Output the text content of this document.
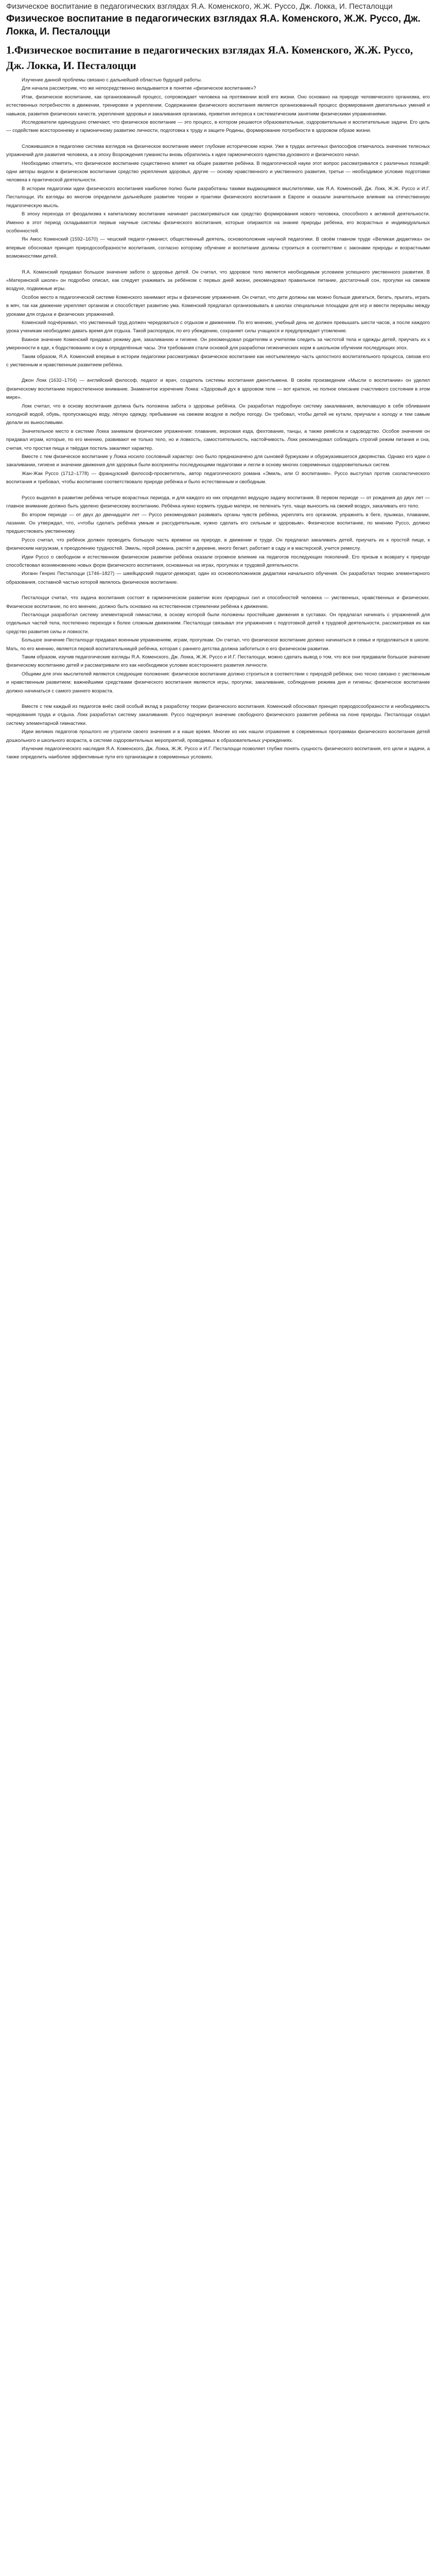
Физическое воспитание в педагогических взглядах Я.А. Коменского, Ж.Ж. Руссо, Дж. Локка, И. Песталоцци
Физическое воспитание в педагогических взглядах Я.А. Коменского, Ж.Ж. Руссо, Дж. Локка, И. Песталоцци
1.Физическое воспитание в педагогических взглядах Я.А. Коменского, Ж.Ж. Руссо, Дж. Локка, И. Песталоцци

Изучение данной проблемы связано с дальнейшей областью будущей работы.

Для начала рассмотрим, что же непосредственно вкладывается в понятие «физическое воспитание»?

Итак, физическое воспитание, как организованный процесс, сопровождает человека на протяжении всей его жизни. Оно основано на природе человеческого организма, его естественных потребностях в движении, тренировке и укреплении. Содержанием физического воспитания является организованный процесс формирования двигательных умений и навыков, развития физических качеств, укрепления здоровья и закаливания организма, привития интереса к систематическим занятиям физическими упражнениями.

Исследователи единодушно отмечают, что физическое воспитание — это процесс, в котором решаются образовательные, оздоровительные и воспитательные задачи. Его цель — содействие всестороннему и гармоничному развитию личности, подготовка к труду и защите Родины, формирование потребности в здоровом образе жизни.

Сложившаяся в педагогике система взглядов на физическое воспитание имеет глубокие исторические корни. Уже в трудах античных философов отмечалось значение телесных упражнений для развития человека, а в эпоху Возрождения гуманисты вновь обратились к идее гармонического единства духовного и физического начал.

Необходимо отметить, что физическое воспитание существенно влияет на общее развитие ребёнка. В педагогической науке этот вопрос рассматривался с различных позиций: одни авторы видели в физическом воспитании средство укрепления здоровья, другие — основу нравственного и умственного развития, третьи — необходимое условие подготовки человека к практической деятельности.

В истории педагогики идеи физического воспитания наиболее полно были разработаны такими выдающимися мыслителями, как Я.А. Коменский, Дж. Локк, Ж.Ж. Руссо и И.Г. Песталоцци. Их взгляды во многом определили дальнейшее развитие теории и практики физического воспитания в Европе и оказали значительное влияние на отечественную педагогическую мысль.

В эпоху перехода от феодализма к капитализму воспитание начинает рассматриваться как средство формирования нового человека, способного к активной деятельности. Именно в этот период складываются первые научные системы физического воспитания, которые опираются на знание природы ребёнка, его возрастных и индивидуальных особенностей.

Ян Амос Коменский (1592–1670) — чешский педагог-гуманист, общественный деятель, основоположник научной педагогики. В своём главном труде «Великая дидактика» он впервые обосновал принцип природосообразности воспитания, согласно которому обучение и воспитание должны строиться в соответствии с законами природы и возрастными возможностями детей.

Я.А. Коменский придавал большое значение заботе о здоровье детей. Он считал, что здоровое тело является необходимым условием успешного умственного развития. В «Материнской школе» он подробно описал, как следует ухаживать за ребёнком с первых дней жизни, рекомендовал правильное питание, достаточный сон, прогулки на свежем воздухе, подвижные игры.

Особое место в педагогической системе Коменского занимают игры и физические упражнения. Он считал, что дети должны как можно больше двигаться, бегать, прыгать, играть в мяч, так как движение укрепляет организм и способствует развитию ума. Коменский предлагал организовывать в школах специальные площадки для игр и ввести перерывы между уроками для отдыха и физических упражнений.

Коменский подчёркивал, что умственный труд должен чередоваться с отдыхом и движением. По его мнению, учебный день не должен превышать шести часов, а после каждого урока ученикам необходимо давать время для отдыха. Такой распорядок, по его убеждению, сохраняет силы учащихся и предупреждает утомление.

Важное значение Коменский придавал режиму дня, закаливанию и гигиене. Он рекомендовал родителям и учителям следить за чистотой тела и одежды детей, приучать их к умеренности в еде, к бодрствованию и сну в определённые часы. Эти требования стали основой для разработки гигиенических норм в школьном обучении последующих эпох.

Таким образом, Я.А. Коменский впервые в истории педагогики рассматривал физическое воспитание как неотъемлемую часть целостного воспитательного процесса, связав его с умственным и нравственным развитием ребёнка.

Джон Локк (1632–1704) — английский философ, педагог и врач, создатель системы воспитания джентльмена. В своём произведении «Мысли о воспитании» он уделил физическому воспитанию первостепенное внимание. Знаменитое изречение Локка: «Здоровый дух в здоровом теле — вот краткое, но полное описание счастливого состояния в этом мире».

Локк считал, что в основу воспитания должна быть положена забота о здоровье ребёнка. Он разработал подробную систему закаливания, включавшую в себя обливания холодной водой, обувь, пропускающую воду, лёгкую одежду, пребывание на свежем воздухе в любую погоду. Он требовал, чтобы детей не кутали, приучали к холоду и тем самым делали их выносливыми.

Значительное место в системе Локка занимали физические упражнения: плавание, верховая езда, фехтование, танцы, а также ремёсла и садоводство. Особое значение он придавал играм, которые, по его мнению, развивают не только тело, но и ловкость, самостоятельность, настойчивость. Локк рекомендовал соблюдать строгий режим питания и сна, считая, что простая пища и твёрдая постель закаляют характер.

Вместе с тем физическое воспитание у Локка носило сословный характер: оно было предназначено для сыновей буржуазии и обуржуазившегося дворянства. Однако его идеи о закаливании, гигиене и значении движения для здоровья были восприняты последующими педагогами и легли в основу многих современных оздоровительных систем.

Жан-Жак Руссо (1712–1778) — французский философ-просветитель, автор педагогического романа «Эмиль, или О воспитании». Руссо выступал против схоластического воспитания и требовал, чтобы воспитание соответствовало природе ребёнка и было естественным и свободным.

Руссо выделял в развитии ребёнка четыре возрастных периода, и для каждого из них определял ведущую задачу воспитания. В первом периоде — от рождения до двух лет — главное внимание должно быть уделено физическому воспитанию. Ребёнка нужно кормить грудью матери, не пеленать туго, чаще выносить на свежий воздух, закаливать его тело.

Во втором периоде — от двух до двенадцати лет — Руссо рекомендовал развивать органы чувств ребёнка, укреплять его организм, упражнять в беге, прыжках, плавании, лазании. Он утверждал, что, «чтобы сделать ребёнка умным и рассудительным, нужно сделать его сильным и здоровым». Физическое воспитание, по мнению Руссо, должно предшествовать умственному.

Руссо считал, что ребёнок должен проводить большую часть времени на природе, в движении и труде. Он предлагал закаливать детей, приучать их к простой пище, к физическим нагрузкам, к преодолению трудностей. Эмиль, герой романа, растёт в деревне, много бегает, работает в саду и в мастерской, учится ремеслу.

Идеи Руссо о свободном и естественном физическом развитии ребёнка оказали огромное влияние на педагогов последующих поколений. Его призыв к возврату к природе способствовал возникновению новых форм физического воспитания, основанных на играх, прогулках и трудовой деятельности.

Иоганн Генрих Песталоцци (1746–1827) — швейцарский педагог-демократ, один из основоположников дидактики начального обучения. Он разработал теорию элементарного образования, составной частью которой являлось физическое воспитание.

Песталоцци считал, что задача воспитания состоит в гармоническом развитии всех природных сил и способностей человека — умственных, нравственных и физических. Физическое воспитание, по его мнению, должно быть основано на естественном стремлении ребёнка к движению.

Песталоцци разработал систему элементарной гимнастики, в основу которой были положены простейшие движения в суставах. Он предлагал начинать с упражнений для отдельных частей тела, постепенно переходя к более сложным движениям. Песталоцци связывал эти упражнения с подготовкой детей к трудовой деятельности, рассматривая их как средство развития силы и ловкости.

Большое значение Песталоцци придавал военным упражнениям, играм, прогулкам. Он считал, что физическое воспитание должно начинаться в семье и продолжаться в школе. Мать, по его мнению, является первой воспитательницей ребёнка, которая с раннего детства должна заботиться о его физическом развитии.

Таким образом, изучив педагогические взгляды Я.А. Коменского, Дж. Локка, Ж.Ж. Руссо и И.Г. Песталоцци, можно сделать вывод о том, что все они придавали большое значение физическому воспитанию детей и рассматривали его как необходимое условие всестороннего развития личности.

Общими для этих мыслителей являются следующие положения: физическое воспитание должно строиться в соответствии с природой ребёнка; оно тесно связано с умственным и нравственным развитием; важнейшими средствами физического воспитания являются игры, прогулки, закаливание, соблюдение режима дня и гигиены; физическое воспитание должно начинаться с самого раннего возраста.

Вместе с тем каждый из педагогов внёс свой особый вклад в разработку теории физического воспитания. Коменский обосновал принцип природосообразности и необходимость чередования труда и отдыха. Локк разработал систему закаливания. Руссо подчеркнул значение свободного физического развития ребёнка на лоне природы. Песталоцци создал систему элементарной гимнастики.

Идеи великих педагогов прошлого не утратили своего значения и в наше время. Многие из них нашли отражение в современных программах физического воспитания детей дошкольного и школьного возраста, в системе оздоровительных мероприятий, проводимых в образовательных учреждениях.

Изучение педагогического наследия Я.А. Коменского, Дж. Локка, Ж.Ж. Руссо и И.Г. Песталоцци позволяет глубже понять сущность физического воспитания, его цели и задачи, а также определить наиболее эффективные пути его организации в современных условиях.
